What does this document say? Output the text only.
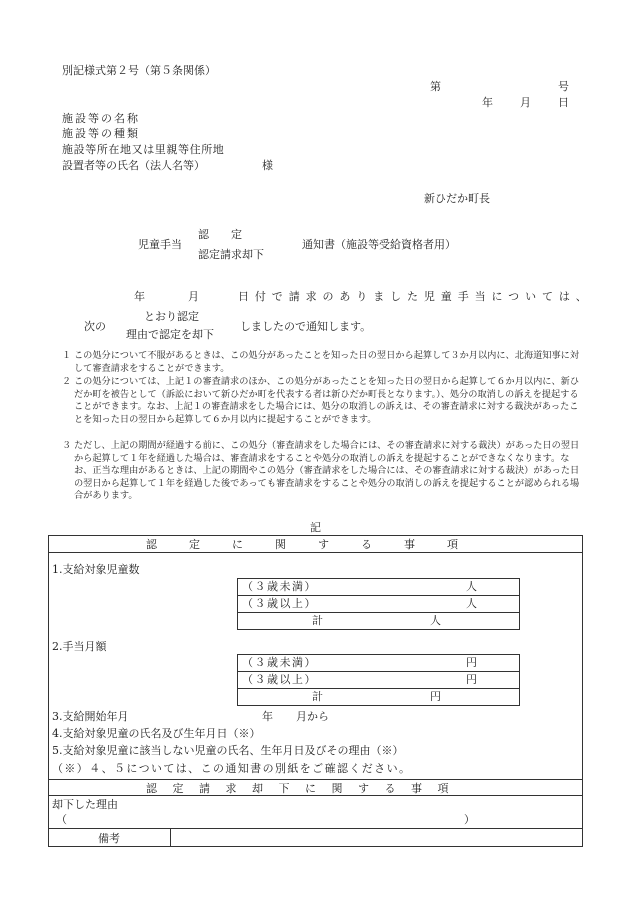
別記様式第２号（第５条関係）
第	号
年 月 日
施設等の名称
施設等の種類
施設等所在地又は里親等住所地
設置者等の氏名（法人名等）	様
新ひだか町長
児童手当
認　　定
認定請求却下
通知書（施設等受給資格者用）
年	月	日付で請求のありました児童手当については、
次の
とおり認定
理由で認定を却下
しましたので通知します。
１ この処分について不服があるときは、この処分があったことを知った日の翌日から起算して３か月以内に、北海道知事に対して審査請求をすることができます。
２ この処分については、上記１の審査請求のほか、この処分があったことを知った日の翌日から起算して６か月以内に、新ひだか町を被告として（訴訟において新ひだか町を代表する者は新ひだか町長となります。）、処分の取消しの訴えを提起することができます。なお、上記１の審査請求をした場合には、処分の取消しの訴えは、その審査請求に対する裁決があったことを知った日の翌日から起算して６か月以内に提起することができます。
３ ただし、上記の期間が経過する前に、この処分（審査請求をした場合には、その審査請求に対する裁決）があった日の翌日から起算して１年を経過した場合は、審査請求をすることや処分の取消しの訴えを提起することができなくなります。なお、正当な理由があるときは、上記の期間やこの処分（審査請求をした場合には、その審査請求に対する裁決）があった日の翌日から起算して１年を経過した後であっても審査請求をすることや処分の取消しの訴えを提起することが認められる場合があります。
記
認定に関する事項
1.支給対象児童数
（３歳未満）	人
（３歳以上）	人
計	人
2.手当月額
（３歳未満）	円
（３歳以上）	円
計	円
3.支給開始年月	年 月から
4.支給対象児童の氏名及び生年月日（※）
5.支給対象児童に該当しない児童の氏名、生年月日及びその理由（※）
（※）４、５については、この通知書の別紙をご確認ください。
認定請求却下に関する事項
却下した理由
（	）
備考
